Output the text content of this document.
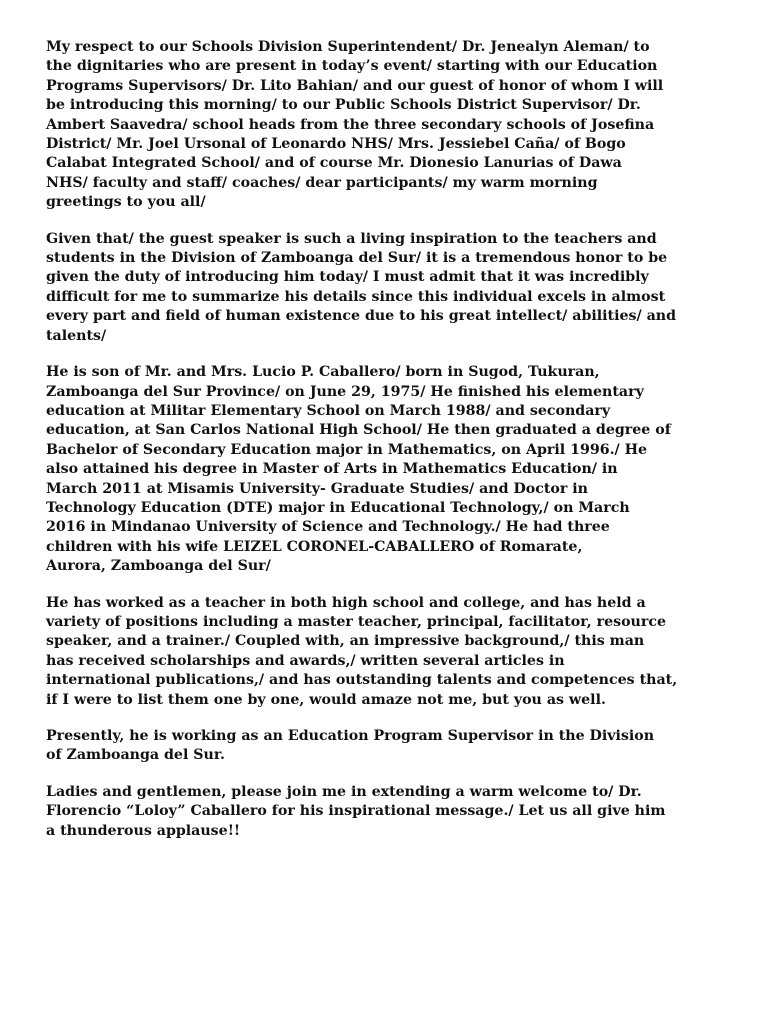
My respect to our Schools Division Superintendent/ Dr. Jenealyn Aleman/ to
the dignitaries who are present in today’s event/ starting with our Education
Programs Supervisors/ Dr. Lito Bahian/ and our guest of honor of whom I will
be introducing this morning/ to our Public Schools District Supervisor/ Dr.
Ambert Saavedra/ school heads from the three secondary schools of Josefina
District/ Mr. Joel Ursonal of Leonardo NHS/ Mrs. Jessiebel Caña/ of Bogo
Calabat Integrated School/ and of course Mr. Dionesio Lanurias of Dawa
NHS/ faculty and staff/ coaches/ dear participants/ my warm morning
greetings to you all/

Given that/ the guest speaker is such a living inspiration to the teachers and
students in the Division of Zamboanga del Sur/ it is a tremendous honor to be
given the duty of introducing him today/ I must admit that it was incredibly
difficult for me to summarize his details since this individual excels in almost
every part and field of human existence due to his great intellect/ abilities/ and
talents/

He is son of Mr. and Mrs. Lucio P. Caballero/ born in Sugod, Tukuran,
Zamboanga del Sur Province/ on June 29, 1975/ He finished his elementary
education at Militar Elementary School on March 1988/ and secondary
education, at San Carlos National High School/ He then graduated a degree of
Bachelor of Secondary Education major in Mathematics, on April 1996./ He
also attained his degree in Master of Arts in Mathematics Education/ in
March 2011 at Misamis University- Graduate Studies/ and Doctor in
Technology Education (DTE) major in Educational Technology,/ on March
2016 in Mindanao University of Science and Technology./ He had three
children with his wife LEIZEL CORONEL-CABALLERO of Romarate,
Aurora, Zamboanga del Sur/

He has worked as a teacher in both high school and college, and has held a
variety of positions including a master teacher, principal, facilitator, resource
speaker, and a trainer./ Coupled with, an impressive background,/ this man
has received scholarships and awards,/ written several articles in
international publications,/ and has outstanding talents and competences that,
if I were to list them one by one, would amaze not me, but you as well.

Presently, he is working as an Education Program Supervisor in the Division
of Zamboanga del Sur.

Ladies and gentlemen, please join me in extending a warm welcome to/ Dr.
Florencio “Loloy” Caballero for his inspirational message./ Let us all give him
a thunderous applause!!
